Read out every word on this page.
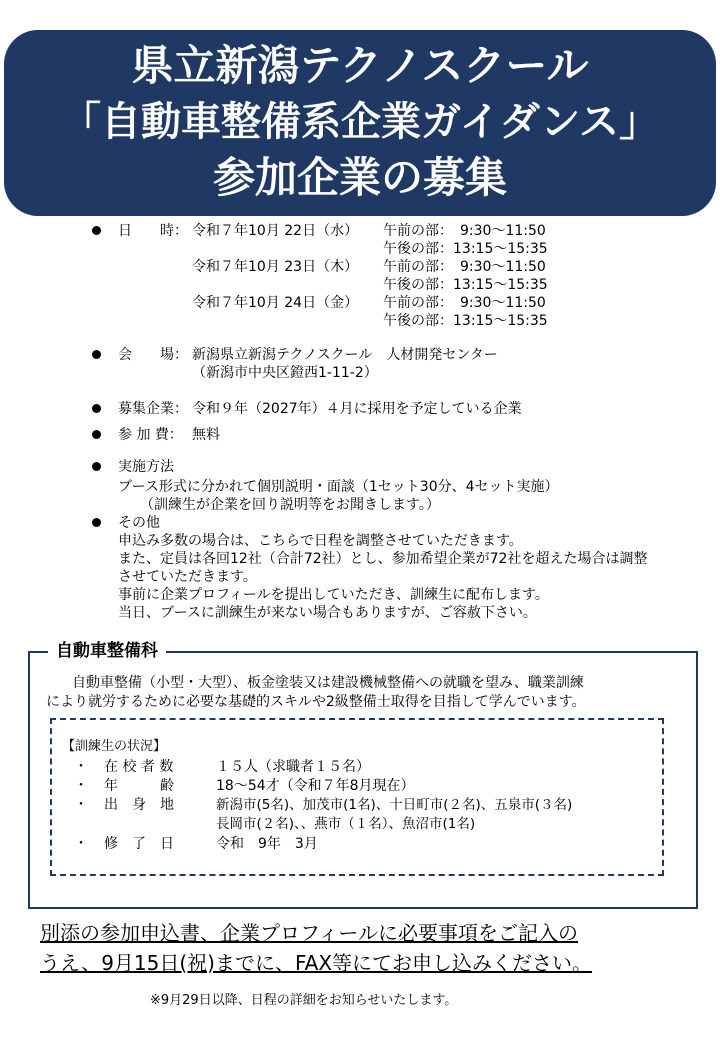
県立新潟テクノスクール
「自動車整備系企業ガイダンス」
参加企業の募集
日　　時： 令和７年10月 22日（水） 午前の部：　9:30～11:50
午後の部：13:15～15:35
令和７年10月 23日（木） 午前の部：　9:30～11:50
午後の部：13:15～15:35
令和７年10月 24日（金） 午前の部：　9:30～11:50
午後の部：13:15～15:35
会　　場： 新潟県立新潟テクノスクール　人材開発センター
（新潟市中央区鐙西1-11-2）
募集企業： 令和９年（2027年）４月に採用を予定している企業
参 加 費： 無料
実施方法
ブース形式に分かれて個別説明・面談（1セット30分、4セット実施）
（訓練生が企業を回り説明等をお聞きします。）
その他
申込み多数の場合は、こちらで日程を調整させていただきます。
また、定員は各回12社（合計72社）とし、参加希望企業が72社を超えた場合は調整
させていただきます。
事前に企業プロフィールを提出していただき、訓練生に配布します。
当日、ブースに訓練生が来ない場合もありますが、ご容赦下さい。
自動車整備科
自動車整備（小型・大型）、板金塗装又は建設機械整備への就職を望み、職業訓練
により就労するために必要な基礎的スキルや2級整備士取得を目指して学んでいます。
【訓練生の状況】
・ 在 校 者 数	１５人（求職者１５名）
・ 年　　　齢	18～54才（令和７年8月現在）
・ 出　身　地	新潟市(5名)、加茂市(1名)、十日町市(２名)、五泉市(３名)
長岡市(２名)、、燕市（１名）、魚沼市(1名)
・ 修　了　日	令和　9年　3月
別添の参加申込書、企業プロフィールに必要事項をご記入の
うえ、9月15日(祝)までに、FAX等にてお申し込みください。
※9月29日以降、日程の詳細をお知らせいたします。
